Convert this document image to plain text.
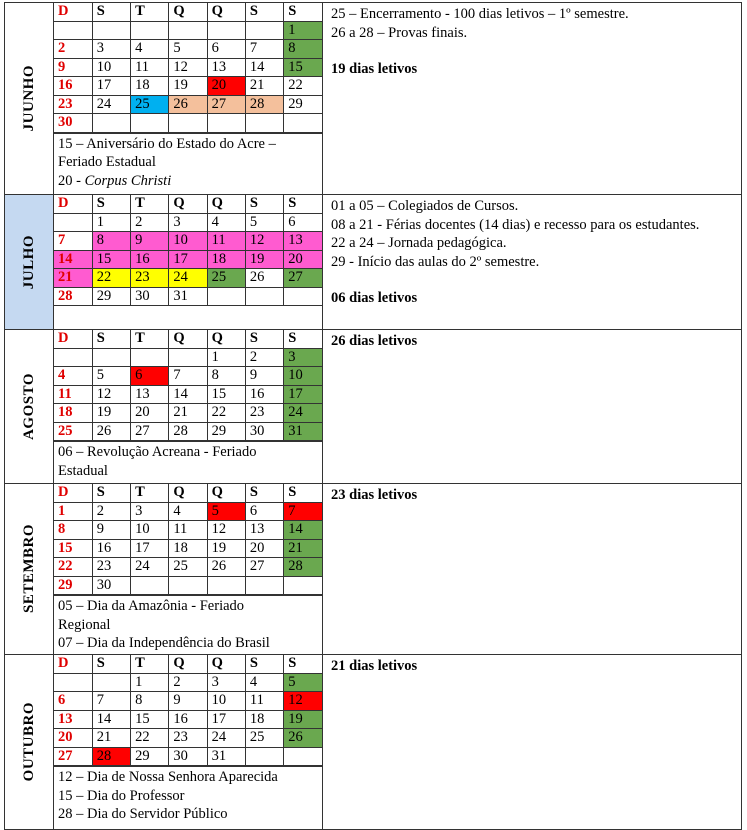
JUUNHO
D	S	T	Q	Q	S	S
						1
2	3	4	5	6	7	8
9	10	11	12	13	14	15
16	17	18	19	20	21	22
23	24	25	26	27	28	29
30						
15 – Aniversário do Estado do Acre –
Feriado Estadual
20 - Corpus Christi

25 – Encerramento - 100 dias letivos – 1º semestre.

26 a 28 – Provas finais.

19 dias letivos

JULHO
D	S	T	Q	Q	S	S
	1	2	3	4	5	6
7	8	9	10	11	12	13
14	15	16	17	18	19	20
21	22	23	24	25	26	27
28	29	30	31			

01 a 05 – Colegiados de Cursos.

08 a 21 - Férias docentes (14 dias) e recesso para os estudantes.

22 a 24 – Jornada pedagógica.

29 - Início das aulas do 2º semestre.

06 dias letivos

AGOSTO
D	S	T	Q	Q	S	S
				1	2	3
4	5	6	7	8	9	10
11	12	13	14	15	16	17
18	19	20	21	22	23	24
25	26	27	28	29	30	31
06 – Revolução Acreana - Feriado
Estadual

26 dias letivos

SETEMBRO
D	S	T	Q	Q	S	S
1	2	3	4	5	6	7
8	9	10	11	12	13	14
15	16	17	18	19	20	21
22	23	24	25	26	27	28
29	30					
05 – Dia da Amazônia - Feriado
Regional
07 – Dia da Independência do Brasil

23 dias letivos

OUTUBRO
D	S	T	Q	Q	S	S
		1	2	3	4	5
6	7	8	9	10	11	12
13	14	15	16	17	18	19
20	21	22	23	24	25	26
27	28	29	30	31		
12 – Dia de Nossa Senhora Aparecida
15 – Dia do Professor
28 – Dia do Servidor Público

21 dias letivos
